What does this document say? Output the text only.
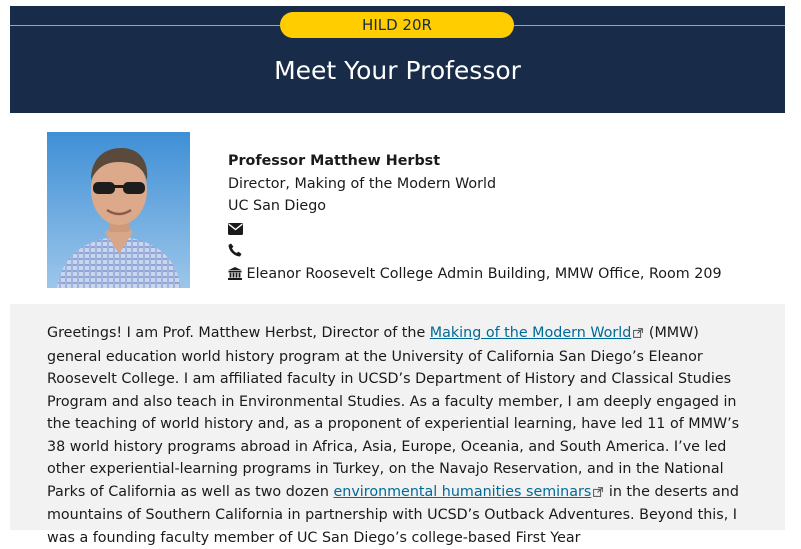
HILD 20R
Meet Your Professor
Professor Matthew Herbst
Director, Making of the Modern World
UC San Diego
Eleanor Roosevelt College Admin Building, MMW Office, Room 209

Greetings! I am Prof. Matthew Herbst, Director of the Making of the Modern World (MMW) general education world history program at the University of California San Diego’s Eleanor Roosevelt College. I am affiliated faculty in UCSD’s Department of History and Classical Studies Program and also teach in Environmental Studies. As a faculty member, I am deeply engaged in the teaching of world history and, as a proponent of experiential learning, have led 11 of MMW’s 38 world history programs abroad in Africa, Asia, Europe, Oceania, and South America. I’ve led other experiential-learning programs in Turkey, on the Navajo Reservation, and in the National Parks of California as well as two dozen environmental humanities seminars in the deserts and mountains of Southern California in partnership with UCSD’s Outback Adventures. Beyond this, I was a founding faculty member of UC San Diego’s college-based First Year
